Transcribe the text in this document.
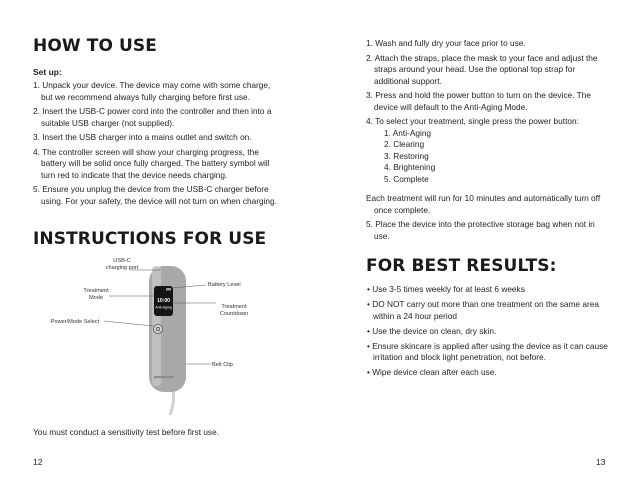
HOW TO USE
Set up:
1. Unpack your device. The device may come with some charge, but we recommend always fully charging before first use.
2. Insert the USB-C power cord into the controller and then into a suitable USB charger (not supplied).
3. Insert the USB charger into a mains outlet and switch on.
4. The controller screen will show your charging progress, the battery will be solid once fully charged. The battery symbol will turn red to indicate that the device needs charging.
5. Ensure you unplug the device from the USB-C charger before using. For your safety, the device will not turn on when charging.
INSTRUCTIONS FOR USE
10:00
Anti-Aging
USB-C
charging port
Treatment
Mode
Power/Mode Select
Battery Level
Treatment
Countdown
Belt Clip
You must conduct a sensitivity test before first use.
12
1. Wash and fully dry your face prior to use.
2. Attach the straps, place the mask to your face and adjust the straps around your head. Use the optional top strap for additional support.
3. Press and hold the power button to turn on the device. The device will default to the Anti-Aging Mode.
4. To select your treatment, single press the power button:
1. Anti-Aging
2. Clearing
3. Restoring
4. Brightening
5. Complete
Each treatment will run for 10 minutes and automatically turn off once complete.
5. Place the device into the protective storage bag when not in use.
FOR BEST RESULTS:
• Use 3-5 times weekly for at least 6 weeks
• DO NOT carry out more than one treatment on the same area within a 24 hour period
• Use the device on clean, dry skin.
• Ensure skincare is applied after using the device as it can cause irritation and block light penetration, not before.
• Wipe device clean after each use.
13
